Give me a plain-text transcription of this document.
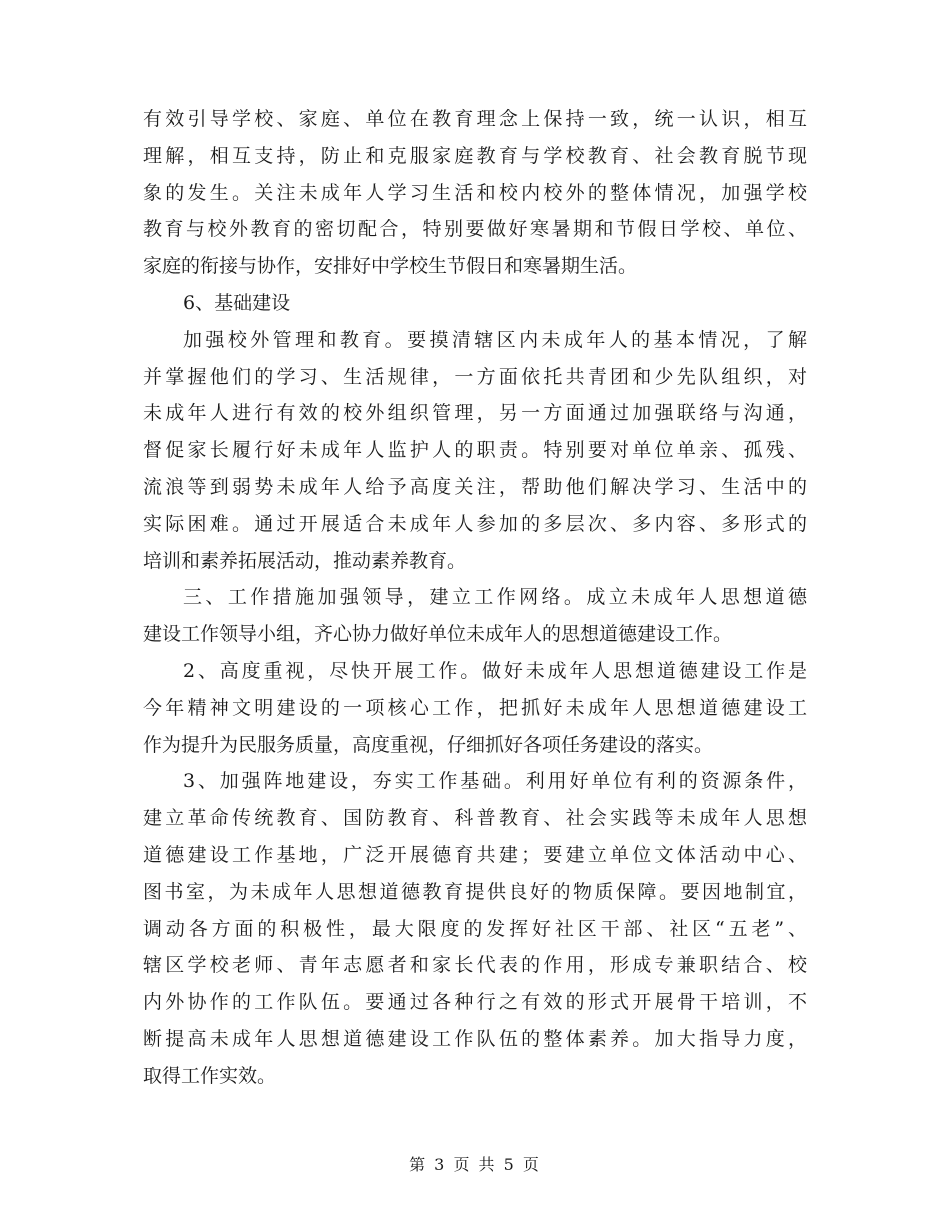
有效引导学校、家庭、单位在教育理念上保持一致，统一认识，相互
理解，相互支持，防止和克服家庭教育与学校教育、社会教育脱节现
象的发生。关注未成年人学习生活和校内校外的整体情况，加强学校
教育与校外教育的密切配合，特别要做好寒暑期和节假日学校、单位、
家庭的衔接与协作，安排好中学校生节假日和寒暑期生活。
6、基础建设
加强校外管理和教育。要摸清辖区内未成年人的基本情况，了解
并掌握他们的学习、生活规律，一方面依托共青团和少先队组织，对
未成年人进行有效的校外组织管理，另一方面通过加强联络与沟通，
督促家长履行好未成年人监护人的职责。特别要对单位单亲、孤残、
流浪等到弱势未成年人给予高度关注，帮助他们解决学习、生活中的
实际困难。通过开展适合未成年人参加的多层次、多内容、多形式的
培训和素养拓展活动，推动素养教育。
三、工作措施加强领导，建立工作网络。成立未成年人思想道德
建设工作领导小组，齐心协力做好单位未成年人的思想道德建设工作。
2、高度重视，尽快开展工作。做好未成年人思想道德建设工作是
今年精神文明建设的一项核心工作，把抓好未成年人思想道德建设工
作为提升为民服务质量，高度重视，仔细抓好各项任务建设的落实。
3、加强阵地建设，夯实工作基础。利用好单位有利的资源条件，
建立革命传统教育、国防教育、科普教育、社会实践等未成年人思想
道德建设工作基地，广泛开展德育共建；要建立单位文体活动中心、
图书室，为未成年人思想道德教育提供良好的物质保障。要因地制宜，
调动各方面的积极性，最大限度的发挥好社区干部、社区“五老”、
辖区学校老师、青年志愿者和家长代表的作用，形成专兼职结合、校
内外协作的工作队伍。要通过各种行之有效的形式开展骨干培训，不
断提高未成年人思想道德建设工作队伍的整体素养。加大指导力度，
取得工作实效。
第 3 页 共 5 页
